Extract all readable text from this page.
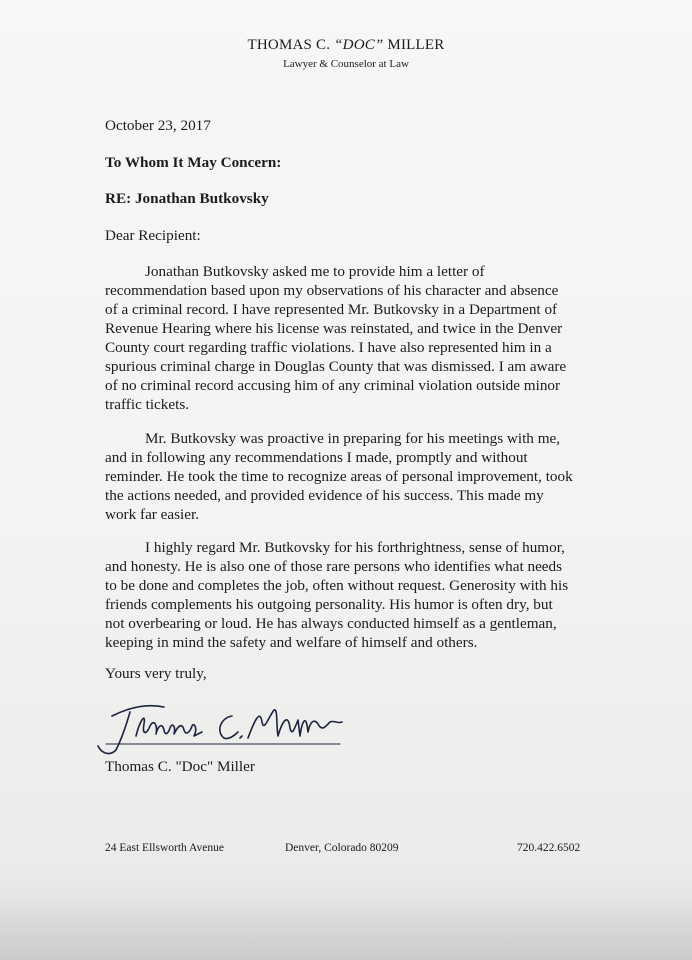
THOMAS C. “DOC” MILLER
Lawyer & Counselor at Law
October 23, 2017
To Whom It May Concern:
RE: Jonathan Butkovsky
Dear Recipient:
Jonathan Butkovsky asked me to provide him a letter of
recommendation based upon my observations of his character and absence
of a criminal record. I have represented Mr. Butkovsky in a Department of
Revenue Hearing where his license was reinstated, and twice in the Denver
County court regarding traffic violations. I have also represented him in a
spurious criminal charge in Douglas County that was dismissed. I am aware
of no criminal record accusing him of any criminal violation outside minor
traffic tickets.
Mr. Butkovsky was proactive in preparing for his meetings with me,
and in following any recommendations I made, promptly and without
reminder. He took the time to recognize areas of personal improvement, took
the actions needed, and provided evidence of his success. This made my
work far easier.
I highly regard Mr. Butkovsky for his forthrightness, sense of humor,
and honesty. He is also one of those rare persons who identifies what needs
to be done and completes the job, often without request. Generosity with his
friends complements his outgoing personality. His humor is often dry, but
not overbearing or loud. He has always conducted himself as a gentleman,
keeping in mind the safety and welfare of himself and others.
Yours very truly,
Thomas C. "Doc" Miller
24 East Ellsworth Avenue	Denver, Colorado 80209	720.422.6502
